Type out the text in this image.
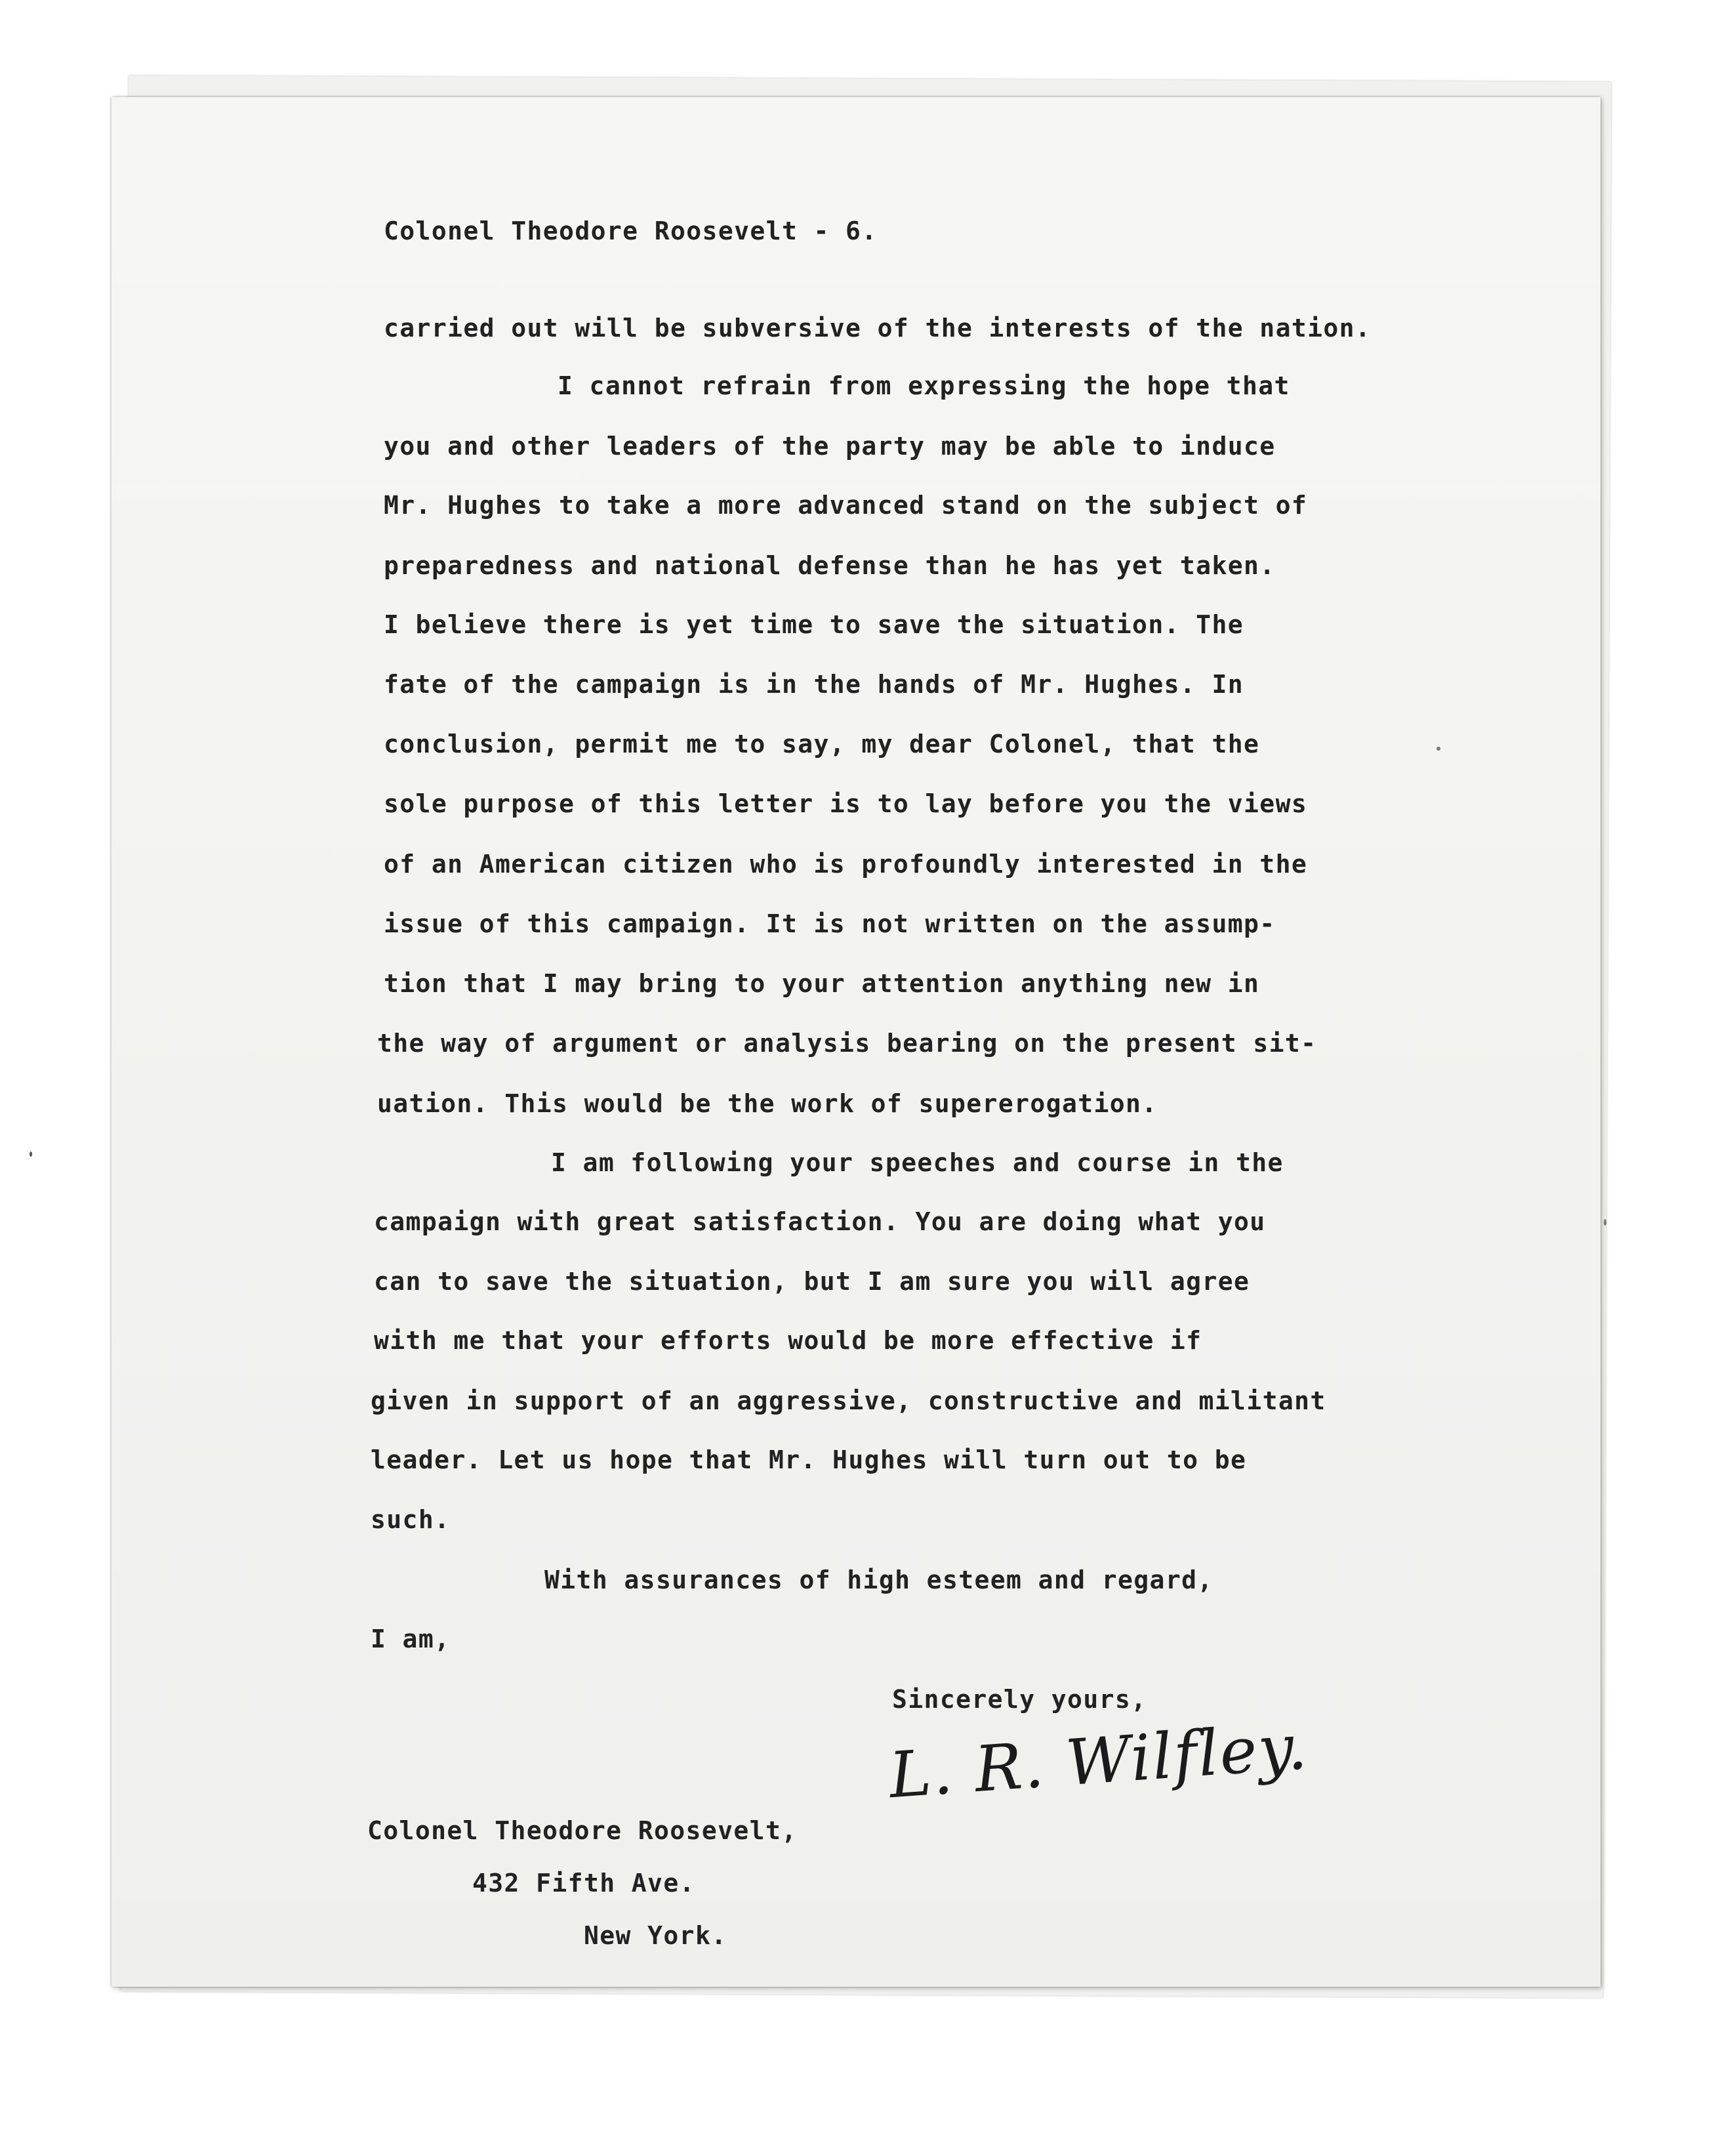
Colonel Theodore Roosevelt - 6.
carried out will be subversive of the interests of the nation.
I cannot refrain from expressing the hope that
you and other leaders of the party may be able to induce
Mr. Hughes to take a more advanced stand on the subject of
preparedness and national defense than he has yet taken.
I believe there is yet time to save the situation. The
fate of the campaign is in the hands of Mr. Hughes. In
conclusion, permit me to say, my dear Colonel, that the
sole purpose of this letter is to lay before you the views
of an American citizen who is profoundly interested in the
issue of this campaign. It is not written on the assump-
tion that I may bring to your attention anything new in
the way of argument or analysis bearing on the present sit-
uation. This would be the work of supererogation.
I am following your speeches and course in the
campaign with great satisfaction. You are doing what you
can to save the situation, but I am sure you will agree
with me that your efforts would be more effective if
given in support of an aggressive, constructive and militant
leader. Let us hope that Mr. Hughes will turn out to be
such.
With assurances of high esteem and regard,
I am,
Sincerely yours,
L. R. Wilfley.
Colonel Theodore Roosevelt,
432 Fifth Ave.
New York.
